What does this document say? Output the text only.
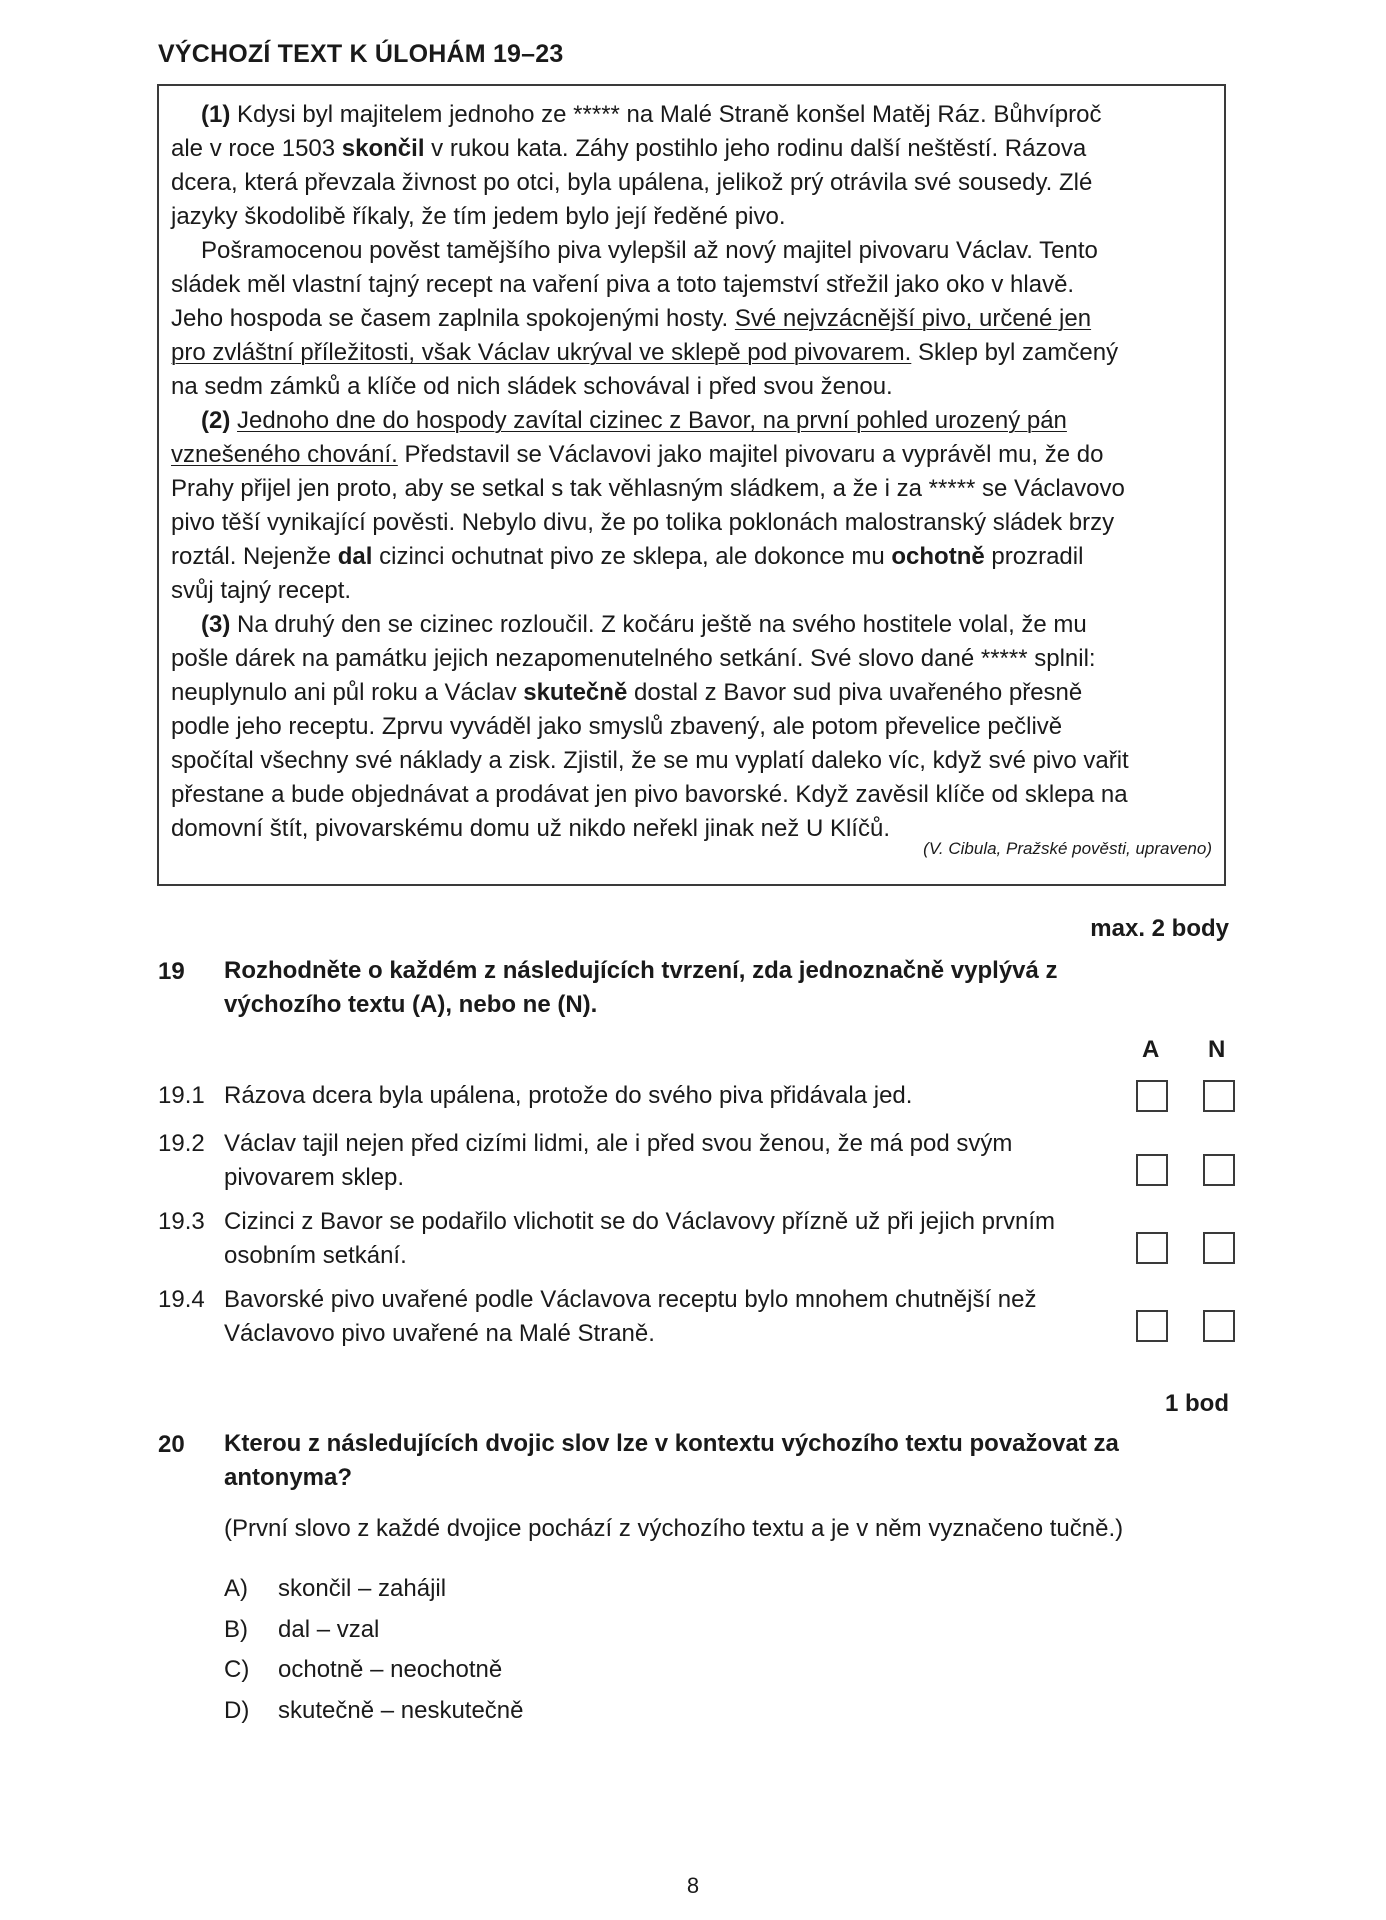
VÝCHOZÍ TEXT K ÚLOHÁM 19–23
(1) Kdysi byl majitelem jednoho ze ***** na Malé Straně konšel Matěj Ráz. Bůhvíproč
ale v roce 1503 skončil v rukou kata. Záhy postihlo jeho rodinu další neštěstí. Rázova
dcera, která převzala živnost po otci, byla upálena, jelikož prý otrávila své sousedy. Zlé
jazyky škodolibě říkaly, že tím jedem bylo její ředěné pivo.
Pošramocenou pověst tamějšího piva vylepšil až nový majitel pivovaru Václav. Tento
sládek měl vlastní tajný recept na vaření piva a toto tajemství střežil jako oko v hlavě.
Jeho hospoda se časem zaplnila spokojenými hosty. Své nejvzácnější pivo, určené jen
pro zvláštní příležitosti, však Václav ukrýval ve sklepě pod pivovarem. Sklep byl zamčený
na sedm zámků a klíče od nich sládek schovával i před svou ženou.
(2) Jednoho dne do hospody zavítal cizinec z Bavor, na první pohled urozený pán
vznešeného chování. Představil se Václavovi jako majitel pivovaru a vyprávěl mu, že do
Prahy přijel jen proto, aby se setkal s tak věhlasným sládkem, a že i za ***** se Václavovo
pivo těší vynikající pověsti. Nebylo divu, že po tolika poklonách malostranský sládek brzy
roztál. Nejenže dal cizinci ochutnat pivo ze sklepa, ale dokonce mu ochotně prozradil
svůj tajný recept.
(3) Na druhý den se cizinec rozloučil. Z kočáru ještě na svého hostitele volal, že mu
pošle dárek na památku jejich nezapomenutelného setkání. Své slovo dané ***** splnil:
neuplynulo ani půl roku a Václav skutečně dostal z Bavor sud piva uvařeného přesně
podle jeho receptu. Zprvu vyváděl jako smyslů zbavený, ale potom převelice pečlivě
spočítal všechny své náklady a zisk. Zjistil, že se mu vyplatí daleko víc, když své pivo vařit
přestane a bude objednávat a prodávat jen pivo bavorské. Když zavěsil klíče od sklepa na
domovní štít, pivovarskému domu už nikdo neřekl jinak než U Klíčů.
(V. Cibula, Pražské pověsti, upraveno)
max. 2 body
19 Rozhodněte o každém z následujících tvrzení, zda jednoznačně vyplývá z výchozího textu (A), nebo ne (N).
A N
19.1 Rázova dcera byla upálena, protože do svého piva přidávala jed.
19.2 Václav tajil nejen před cizími lidmi, ale i před svou ženou, že má pod svým pivovarem sklep.
19.3 Cizinci z Bavor se podařilo vlichotit se do Václavovy přízně už při jejich prvním osobním setkání.
19.4 Bavorské pivo uvařené podle Václavova receptu bylo mnohem chutnější než Václavovo pivo uvařené na Malé Straně.
1 bod
20 Kterou z následujících dvojic slov lze v kontextu výchozího textu považovat za antonyma?
(První slovo z každé dvojice pochází z výchozího textu a je v něm vyznačeno tučně.)
A) skončil – zahájil
B) dal – vzal
C) ochotně – neochotně
D) skutečně – neskutečně
8
